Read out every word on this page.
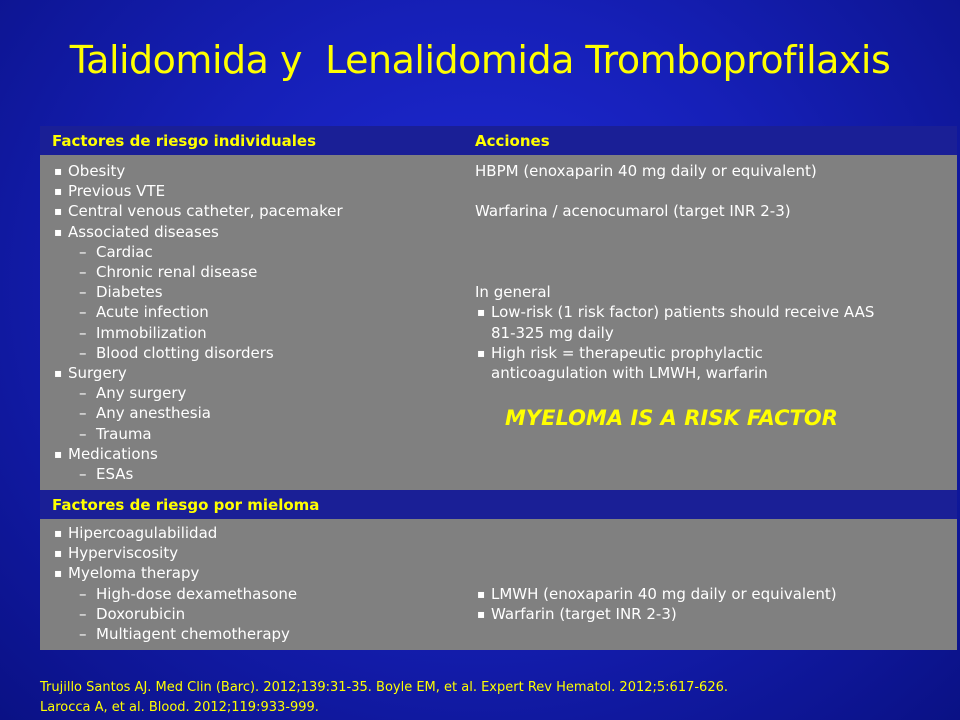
Talidomida y  Lenalidomida Tromboprofilaxis
Factores de riesgo individuales	Acciones
▪ Obesity
▪ Previous VTE
▪ Central venous catheter, pacemaker
▪ Associated diseases
– Cardiac
– Chronic renal disease
– Diabetes
– Acute infection
– Immobilization
– Blood clotting disorders
▪ Surgery
– Any surgery
– Any anesthesia
– Trauma
▪ Medications
– ESAs
HBPM (enoxaparin 40 mg daily or equivalent)
Warfarina / acenocumarol (target INR 2-3)
In general
▪ Low-risk (1 risk factor) patients should receive AAS
81-325 mg daily
▪ High risk = therapeutic prophylactic
anticoagulation with LMWH, warfarin
MYELOMA IS A RISK FACTOR
Factores de riesgo por mieloma
▪ Hipercoagulabilidad
▪ Hyperviscosity
▪ Myeloma therapy
– High-dose dexamethasone
– Doxorubicin
– Multiagent chemotherapy
▪ LMWH (enoxaparin 40 mg daily or equivalent)
▪ Warfarin (target INR 2-3)
Trujillo Santos AJ. Med Clin (Barc). 2012;139:31-35. Boyle EM, et al. Expert Rev Hematol. 2012;5:617-626.
Larocca A, et al. Blood. 2012;119:933-999.
